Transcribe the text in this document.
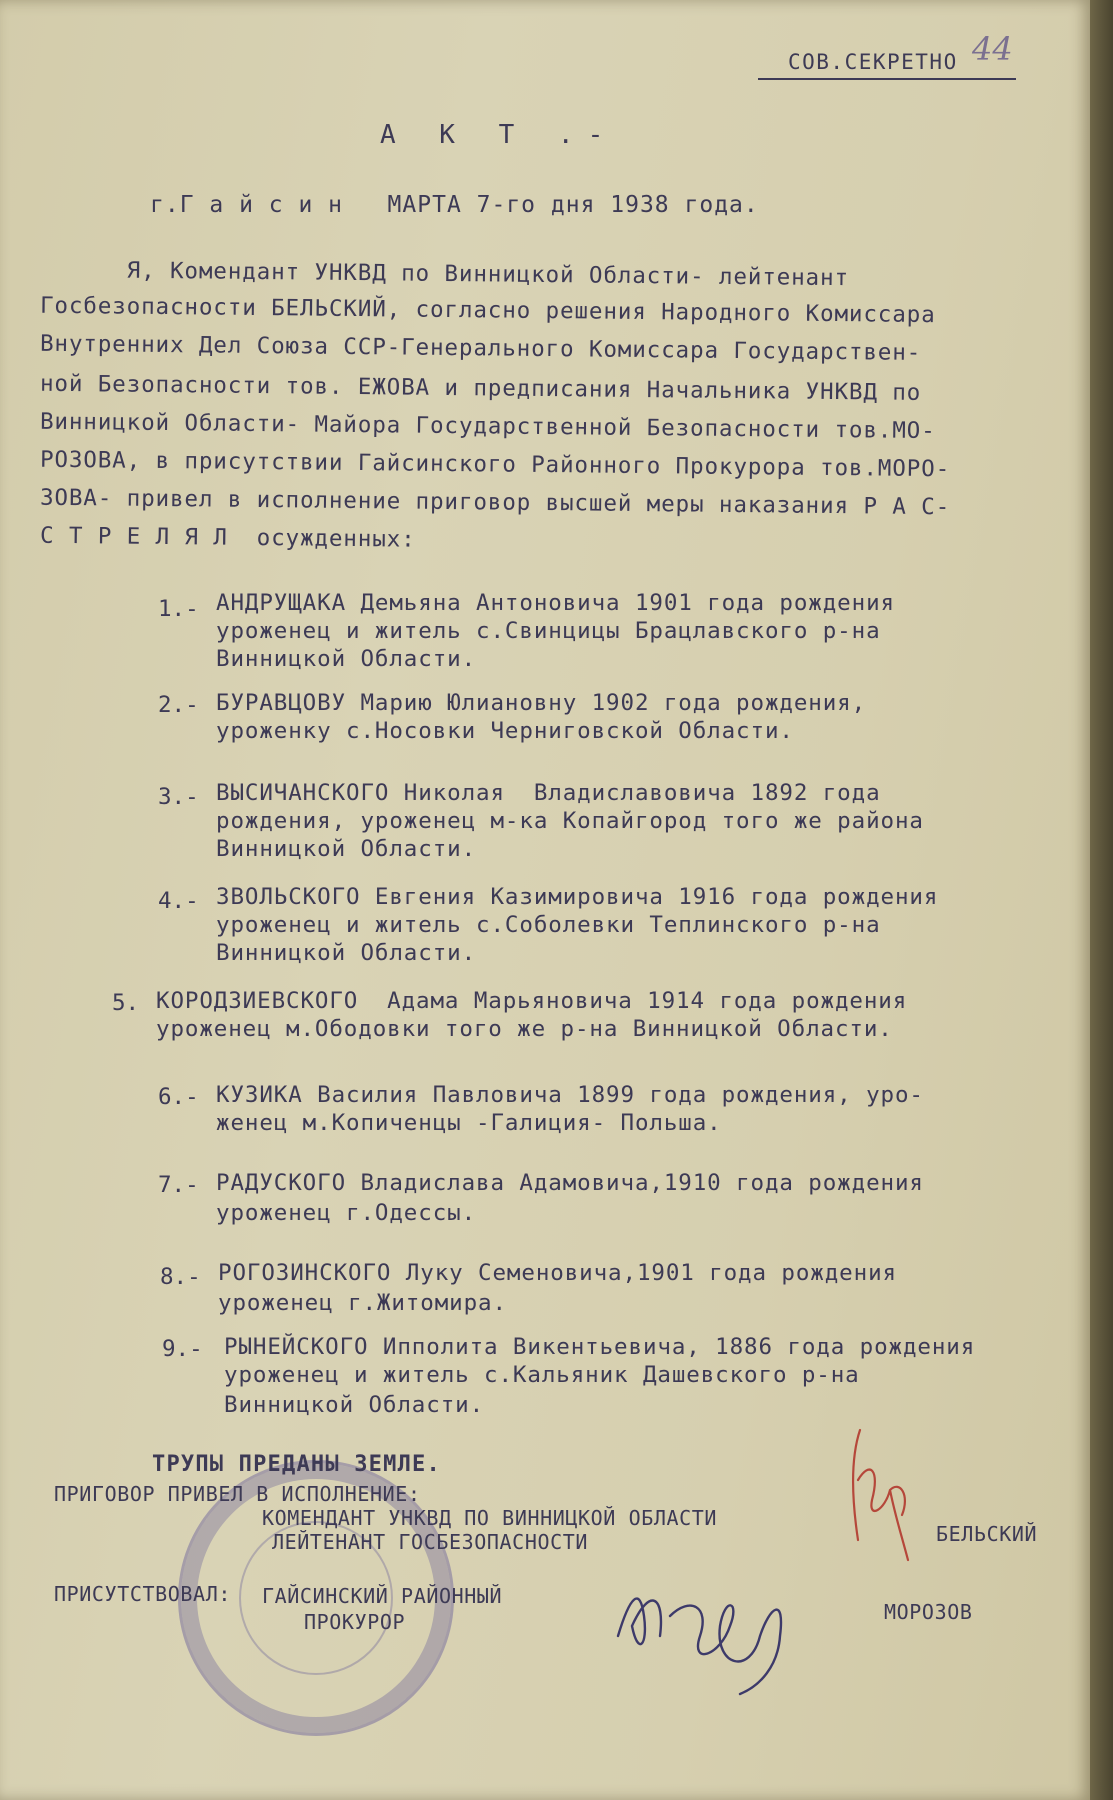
СОВ.СЕКРЕТНО 44
А К Т .-
г.Г а й с и н   МАРТА 7-го дня 1938 года.
Я, Комендант УНКВД по Винницкой Области- лейтенант
Госбезопасности БЕЛЬСКИЙ, согласно решения Народного Комиссара
Внутренних Дел Союза ССР-Генерального Комиссара Государствен-
ной Безопасности тов. ЕЖОВА и предписания Начальника УНКВД по
Винницкой Области- Майора Государственной Безопасности тов.МО-
РОЗОВА, в присутствии Гайсинского Районного Прокурора тов.МОРО-
ЗОВА- привел в исполнение приговор высшей меры наказания Р А С-
С Т Р Е Л Я Л  осужденных:
1.- АНДРУЩАКА Демьяна Антоновича 1901 года рождения
уроженец и житель с.Свинцицы Брацлавского р-на
Винницкой Области.
2.- БУРАВЦОВУ Марию Юлиановну 1902 года рождения,
уроженку с.Носовки Черниговской Области.
3.- ВЫСИЧАНСКОГО Николая  Владиславовича 1892 года
рождения, уроженец м-ка Копайгород того же района
Винницкой Области.
4.- ЗВОЛЬСКОГО Евгения Казимировича 1916 года рождения
уроженец и житель с.Соболевки Теплинского р-на
Винницкой Области.
5. КОРОДЗИЕВСКОГО  Адама Марьяновича 1914 года рождения
уроженец м.Ободовки того же р-на Винницкой Области.
6.- КУЗИКА Василия Павловича 1899 года рождения, уро-
женец м.Копиченцы -Галиция- Польша.
7.- РАДУСКОГО Владислава Адамовича,1910 года рождения
уроженец г.Одессы.
8.- РОГОЗИНСКОГО Луку Семеновича,1901 года рождения
уроженец г.Житомира.
9.- РЫНЕЙСКОГО Ипполита Викентьевича, 1886 года рождения
уроженец и житель с.Кальяник Дашевского р-на
Винницкой Области.
ТРУПЫ ПРЕДАНЫ ЗЕМЛЕ.
ПРИГОВОР ПРИВЕЛ В ИСПОЛНЕНИЕ:
КОМЕНДАНТ УНКВД ПО ВИННИЦКОЙ ОБЛАСТИ
ЛЕЙТЕНАНТ ГОСБЕЗОПАСНОСТИ	БЕЛЬСКИЙ
ПРИСУТСТВОВАЛ: ГАЙСИНСКИЙ РАЙОННЫЙ
ПРОКУРОР	МОРОЗОВ
